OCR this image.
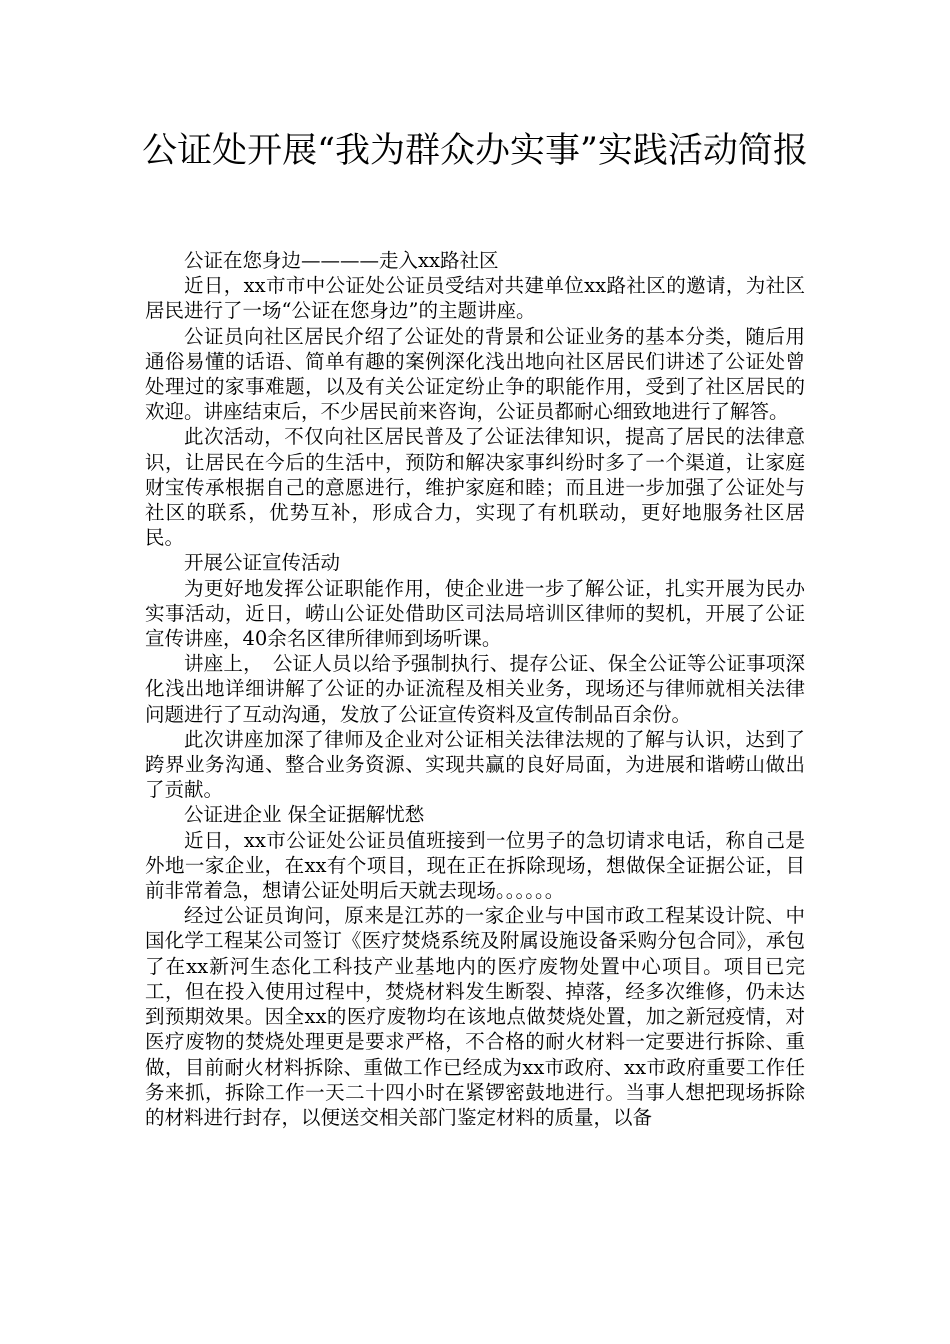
公证处开展“我为群众办实事”实践活动简报

公证在您身边————走入xx路社区

近日，xx市市中公证处公证员受结对共建单位xx路社区的邀请，为社区居民进行了一场“公证在您身边”的主题讲座。

公证员向社区居民介绍了公证处的背景和公证业务的基本分类，随后用通俗易懂的话语、简单有趣的案例深化浅出地向社区居民们讲述了公证处曾处理过的家事难题，以及有关公证定纷止争的职能作用，受到了社区居民的欢迎。讲座结束后，不少居民前来咨询，公证员都耐心细致地进行了解答。

此次活动，不仅向社区居民普及了公证法律知识，提高了居民的法律意识，让居民在今后的生活中，预防和解决家事纠纷时多了一个渠道，让家庭财宝传承根据自己的意愿进行，维护家庭和睦；而且进一步加强了公证处与社区的联系，优势互补，形成合力，实现了有机联动，更好地服务社区居民。

开展公证宣传活动

为更好地发挥公证职能作用，使企业进一步了解公证，扎实开展为民办实事活动，近日，崂山公证处借助区司法局培训区律师的契机，开展了公证宣传讲座，40余名区律所律师到场听课。

讲座上，　公证人员以给予强制执行、提存公证、保全公证等公证事项深化浅出地详细讲解了公证的办证流程及相关业务，现场还与律师就相关法律问题进行了互动沟通，发放了公证宣传资料及宣传制品百余份。

此次讲座加深了律师及企业对公证相关法律法规的了解与认识，达到了跨界业务沟通、整合业务资源、实现共赢的良好局面，为进展和谐崂山做出了贡献。

公证进企业 保全证据解忧愁

近日，xx市公证处公证员值班接到一位男子的急切请求电话，称自己是外地一家企业，在xx有个项目，现在正在拆除现场，想做保全证据公证，目前非常着急，想请公证处明后天就去现场。。。。。。

经过公证员询问，原来是江苏的一家企业与中国市政工程某设计院、中国化学工程某公司签订《医疗焚烧系统及附属设施设备采购分包合同》，承包了在xx新河生态化工科技产业基地内的医疗废物处置中心项目。项目已完工，但在投入使用过程中，焚烧材料发生断裂、掉落，经多次维修，仍未达到预期效果。因全xx的医疗废物均在该地点做焚烧处置，加之新冠疫情，对医疗废物的焚烧处理更是要求严格，不合格的耐火材料一定要进行拆除、重做，目前耐火材料拆除、重做工作已经成为xx市政府、xx市政府重要工作任务来抓，拆除工作一天二十四小时在紧锣密鼓地进行。当事人想把现场拆除的材料进行封存，以便送交相关部门鉴定材料的质量，以备
